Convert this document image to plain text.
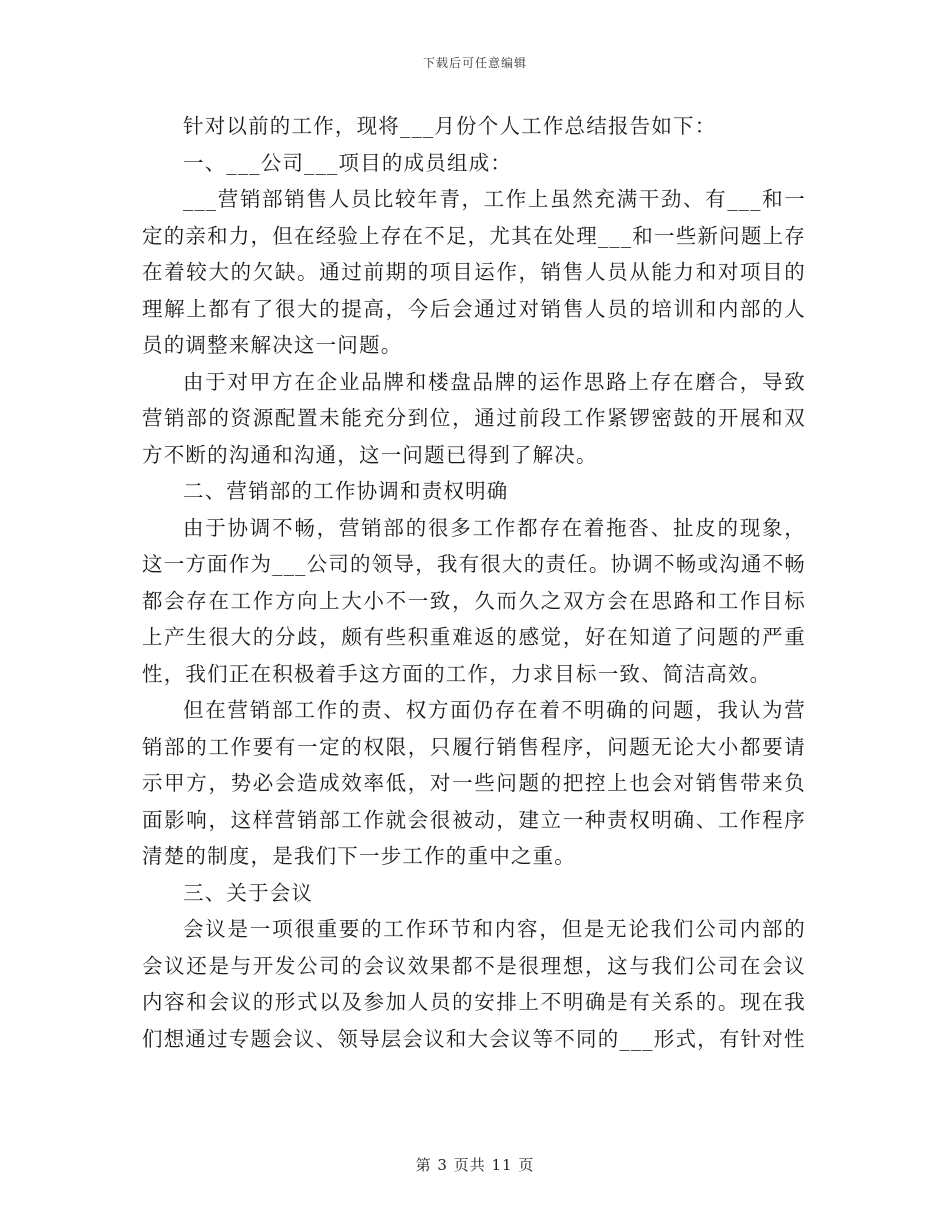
下载后可任意编辑

针对以前的工作，现将___月份个人工作总结报告如下：

一、___公司___项目的成员组成：

___营销部销售人员比较年青，工作上虽然充满干劲、有___和一定的亲和力，但在经验上存在不足，尤其在处理___和一些新问题上存在着较大的欠缺。通过前期的项目运作，销售人员从能力和对项目的理解上都有了很大的提高，今后会通过对销售人员的培训和内部的人员的调整来解决这一问题。

由于对甲方在企业品牌和楼盘品牌的运作思路上存在磨合，导致营销部的资源配置未能充分到位，通过前段工作紧锣密鼓的开展和双方不断的沟通和沟通，这一问题已得到了解决。

二、营销部的工作协调和责权明确

由于协调不畅，营销部的很多工作都存在着拖沓、扯皮的现象，这一方面作为___公司的领导，我有很大的责任。协调不畅或沟通不畅都会存在工作方向上大小不一致，久而久之双方会在思路和工作目标上产生很大的分歧，颇有些积重难返的感觉，好在知道了问题的严重性，我们正在积极着手这方面的工作，力求目标一致、简洁高效。

但在营销部工作的责、权方面仍存在着不明确的问题，我认为营销部的工作要有一定的权限，只履行销售程序，问题无论大小都要请示甲方，势必会造成效率低，对一些问题的把控上也会对销售带来负面影响，这样营销部工作就会很被动，建立一种责权明确、工作程序清楚的制度，是我们下一步工作的重中之重。

三、关于会议

会议是一项很重要的工作环节和内容，但是无论我们公司内部的会议还是与开发公司的会议效果都不是很理想，这与我们公司在会议内容和会议的形式以及参加人员的安排上不明确是有关系的。现在我们想通过专题会议、领导层会议和大会议等不同的___形式，有针对性

第 3 页共 11 页
